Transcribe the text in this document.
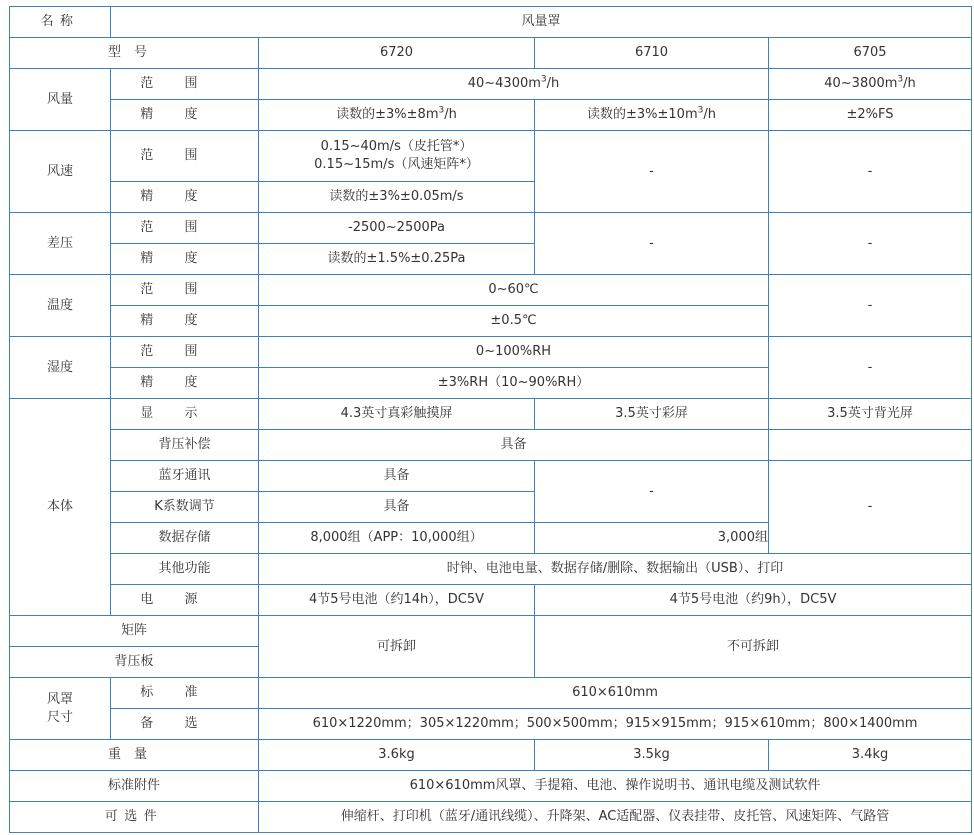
名称	风量罩			
型号		6720	6710	6705
风量	范围	$40\sim 4300m^3/h$		$40\sim 3800m^3/h$
	精度	读数的$\pm 3\%\pm 8m^3/h$	读数的$\pm 3\%\pm 10m^3/h$	±2%FS
风速	范围	0.15~40m/s（皮托管*）
0.15~15m/s（风速矩阵*）	-	-
	精度	读数的±3%±0.05m/s		
差压	范围	-2500~2500Pa	-	-
	精度	读数的±1.5%±0.25Pa		
温度	范围	0~60℃		-
	精度	±0.5℃		
湿度	范围	0~100%RH		-
	精度	±3%RH（10~90%RH）		
本体	显示	4.3英寸真彩触摸屏	3.5英寸彩屏	3.5英寸背光屏
	背压补偿	具备		
	蓝牙通讯	具备	-	-
	K系数调节	具备		
	数据存储	8,000组（APP：10,000组）	3,000组	
	其他功能	时钟、电池电量、数据存储/删除、数据输出（USB）、打印		
	电源	4节5号电池（约14h），DC5V	4节5号电池（约9h），DC5V	
矩阵		可拆卸	不可拆卸	
背压板				

风罩
尺寸	标准	610×610mm		
	备选	610×1220mm；305×1220mm；500×500mm；915×915mm；915×610mm；800×1400mm		
重量		3.6kg	3.5kg	3.4kg
标准附件		610×610mm风罩、手提箱、电池、操作说明书、通讯电缆及测试软件		
可选件		伸缩杆、打印机（蓝牙/通讯线缆）、升降架、AC适配器、仪表挂带、皮托管、风速矩阵、气路管		
